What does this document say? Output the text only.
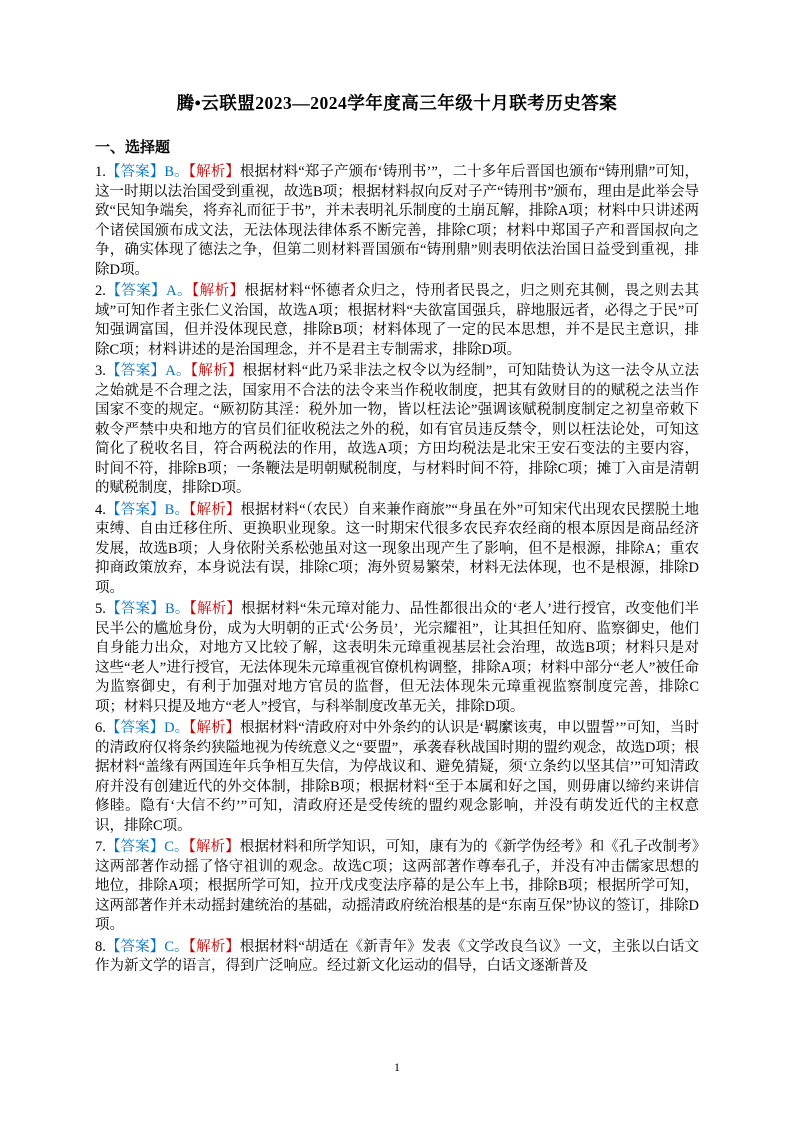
腾•云联盟2023—2024学年度高三年级十月联考历史答案
一、选择题

1.【答案】B。【解析】根据材料“郑子产颁布‘铸刑书’”，二十多年后晋国也颁布“铸刑鼎”可知，这一时期以法治国受到重视，故选B项；根据材料叔向反对子产“铸刑书”颁布，理由是此举会导致“民知争端矣，将弃礼而征于书”，并未表明礼乐制度的土崩瓦解，排除A项；材料中只讲述两个诸侯国颁布成文法，无法体现法律体系不断完善，排除C项；材料中郑国子产和晋国叔向之争，确实体现了德法之争，但第二则材料晋国颁布“铸刑鼎”则表明依法治国日益受到重视，排除D项。

2.【答案】A。【解析】根据材料“怀德者众归之，恃刑者民畏之，归之则充其侧，畏之则去其域”可知作者主张仁义治国，故选A项；根据材料“夫欲富国强兵，辟地服远者，必得之于民”可知强调富国，但并没体现民意，排除B项；材料体现了一定的民本思想，并不是民主意识，排除C项；材料讲述的是治国理念，并不是君主专制需求，排除D项。

3.【答案】A。【解析】根据材料“此乃采非法之权令以为经制”，可知陆贽认为这一法令从立法之始就是不合理之法，国家用不合法的法令来当作税收制度，把其有敛财目的的赋税之法当作国家不变的规定。“厥初防其淫：税外加一物，皆以枉法论”强调该赋税制度制定之初皇帝敕下敕令严禁中央和地方的官员们征收税法之外的税，如有官员违反禁令，则以枉法论处，可知这简化了税收名目，符合两税法的作用，故选A项；方田均税法是北宋王安石变法的主要内容，时间不符，排除B项；一条鞭法是明朝赋税制度，与材料时间不符，排除C项；摊丁入亩是清朝的赋税制度，排除D项。

4.【答案】B。【解析】根据材料“（农民）自来兼作商旅”“身虽在外”可知宋代出现农民摆脱土地束缚、自由迁移住所、更换职业现象。这一时期宋代很多农民弃农经商的根本原因是商品经济发展，故选B项；人身依附关系松弛虽对这一现象出现产生了影响，但不是根源，排除A；重农抑商政策放弃，本身说法有误，排除C项；海外贸易繁荣，材料无法体现，也不是根源，排除D项。

5.【答案】B。【解析】根据材料“朱元璋对能力、品性都很出众的‘老人’进行授官，改变他们半民半公的尴尬身份，成为大明朝的正式‘公务员’，光宗耀祖”，让其担任知府、监察御史，他们自身能力出众，对地方又比较了解，这表明朱元璋重视基层社会治理，故选B项；材料只是对这些“老人”进行授官，无法体现朱元璋重视官僚机构调整，排除A项；材料中部分“老人”被任命为监察御史，有利于加强对地方官员的监督，但无法体现朱元璋重视监察制度完善，排除C项；材料只提及地方“老人”授官，与科举制度改革无关，排除D项。

6.【答案】D。【解析】根据材料“清政府对中外条约的认识是‘羁縻该夷，申以盟誓’”可知，当时的清政府仅将条约狭隘地视为传统意义之“要盟”，承袭春秋战国时期的盟约观念，故选D项；根据材料“盖缘有两国连年兵争相互失信，为停战议和、避免猜疑，须‘立条约以坚其信’”可知清政府并没有创建近代的外交体制，排除B项；根据材料“至于本属和好之国，则毋庸以缔约来讲信修睦。隐有‘大信不约’”可知，清政府还是受传统的盟约观念影响，并没有萌发近代的主权意识，排除C项。

7.【答案】C。【解析】根据材料和所学知识，可知，康有为的《新学伪经考》和《孔子改制考》这两部著作动摇了恪守祖训的观念。故选C项；这两部著作尊奉孔子，并没有冲击儒家思想的地位，排除A项；根据所学可知，拉开戊戌变法序幕的是公车上书，排除B项；根据所学可知，这两部著作并未动摇封建统治的基础，动摇清政府统治根基的是“东南互保”协议的签订，排除D项。

8.【答案】C。【解析】根据材料“胡适在《新青年》发表《文学改良刍议》一文，主张以白话文作为新文学的语言，得到广泛响应。经过新文化运动的倡导，白话文逐渐普及

1
